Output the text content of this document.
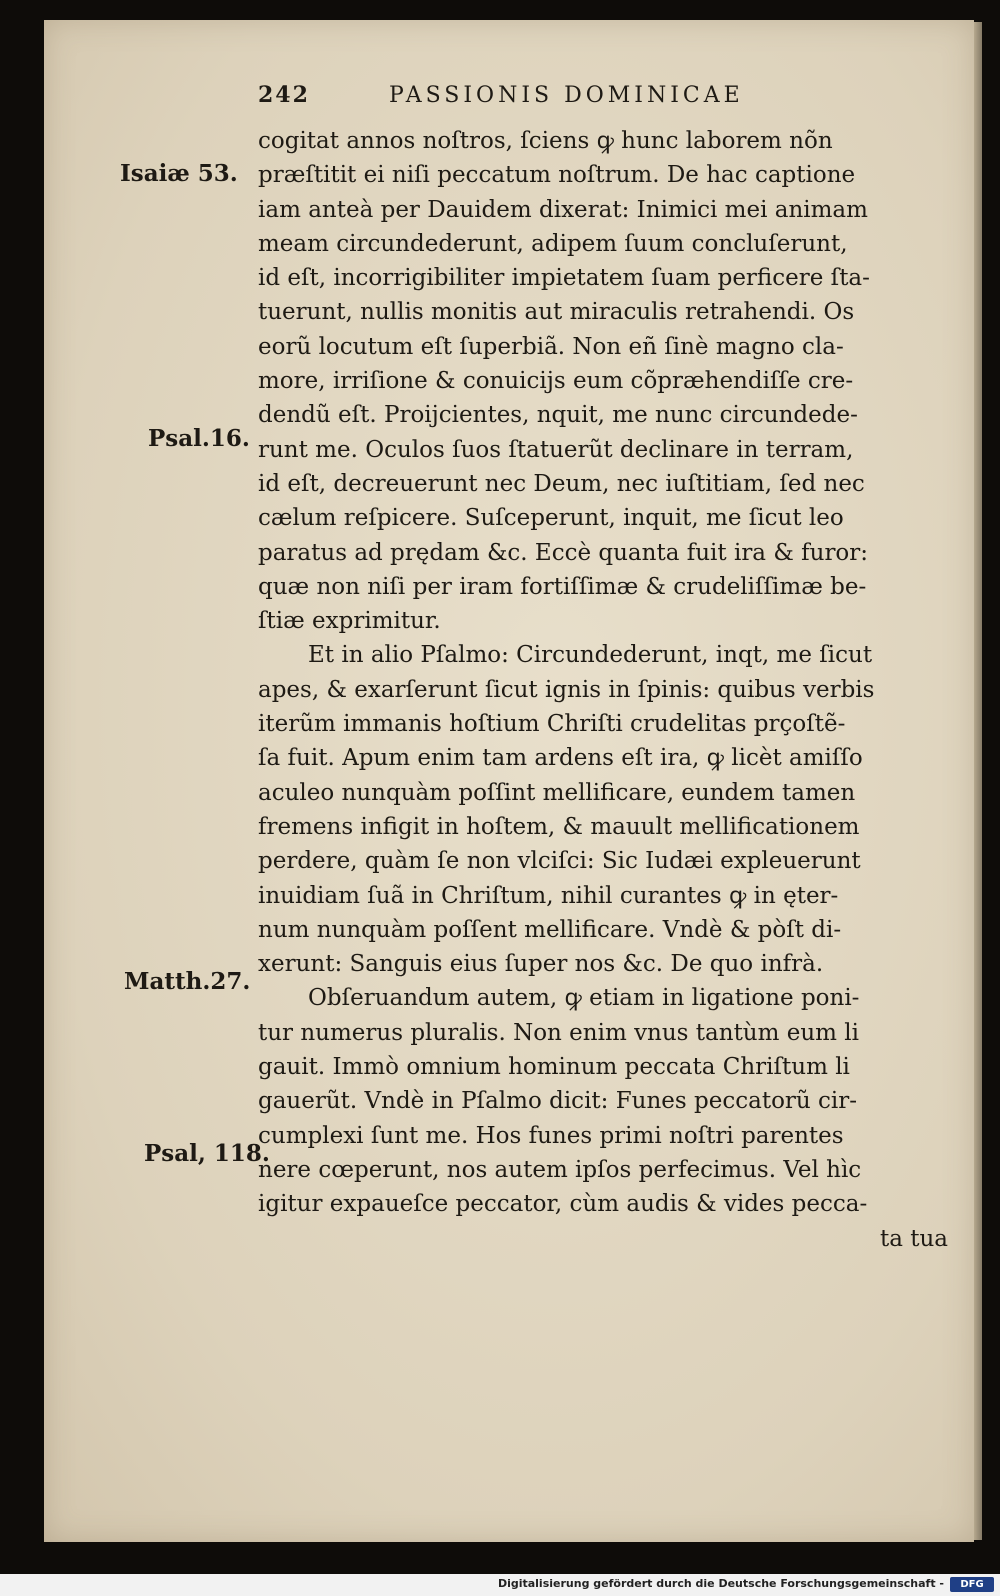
242	PASSIONIS DOMINICAE
Isaiæ 53.
Psal.16.
Matth.27.
Psal, 118.
cogitat annos noſtros, ſciens ꝙ hunc laborem nõn
præſtitit ei niſi peccatum noſtrum. De hac captione
iam anteà per Dauidem dixerat: Inimici mei animam
meam circundederunt, adipem ſuum concluſerunt,
id eſt, incorrigibiliter impietatem ſuam perficere ſta-
tuerunt, nullis monitis aut miraculis retrahendi. Os
eorũ locutum eſt ſuperbiã. Non eñ ſinè magno cla-
more, irriſione & conuicijs eum cõpræhendiſſe cre-
dendũ eſt. Proijcientes, nquit, me nunc circundede-
runt me. Oculos ſuos ſtatuerũt declinare in terram,
id eſt, decreuerunt nec Deum, nec iuſtitiam, ſed nec
cælum reſpicere. Suſceperunt, inquit, me ſicut leo
paratus ad prędam &c. Eccè quanta fuit ira & furor:
quæ non niſi per iram fortiſſimæ & crudeliſſimæ be-
ſtiæ exprimitur.
Et in alio Pſalmo: Circundederunt, inqt, me ſicut
apes, & exarſerunt ſicut ignis in ſpinis: quibus verbis
iterũm immanis hoſtium Chriſti crudelitas prçoſtẽ-
ſa fuit. Apum enim tam ardens eſt ira, ꝙ licèt amiſſo
aculeo nunquàm poſſint mellificare, eundem tamen
fremens infigit in hoſtem, & mauult mellificationem
perdere, quàm ſe non vlciſci: Sic Iudæi expleuerunt
inuidiam ſuã in Chriſtum, nihil curantes ꝙ in ęter-
num nunquàm poſſent mellificare. Vndè & pòſt di-
xerunt: Sanguis eius ſuper nos &c. De quo infrà.
Obſeruandum autem, ꝙ etiam in ligatione poni-
tur numerus pluralis. Non enim vnus tantùm eum li
gauit. Immò omnium hominum peccata Chriſtum li
gauerũt. Vndè in Pſalmo dicit: Funes peccatorũ cir-
cumplexi ſunt me. Hos funes primi noſtri parentes
nere cœperunt, nos autem ipſos perfecimus. Vel hìc
igitur expaueſce peccator, cùm audis & vides pecca-
ta tua
Digitalisierung gefördert durch die Deutsche Forschungsgemeinschaft -	DFG
